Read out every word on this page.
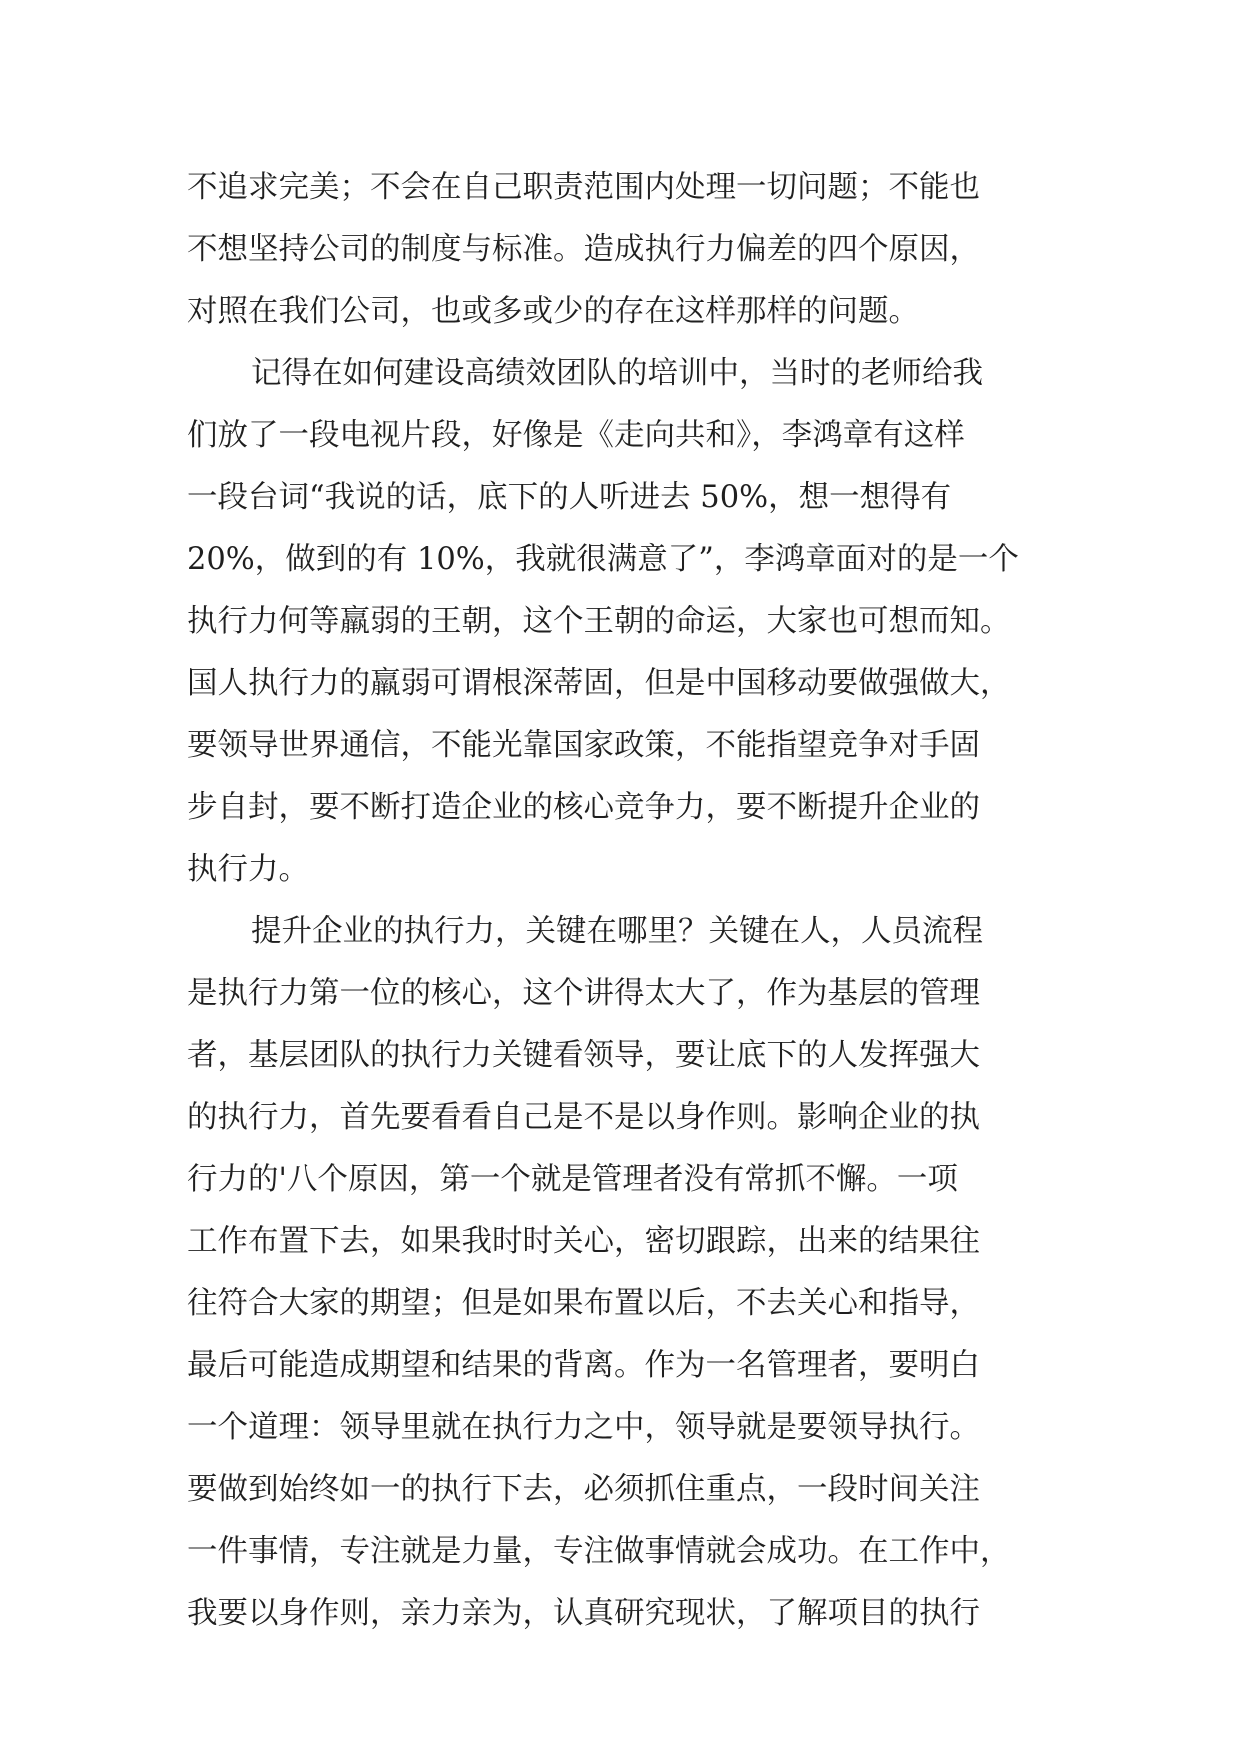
不追求完美；不会在自己职责范围内处理一切问题；不能也
不想坚持公司的制度与标准。造成执行力偏差的四个原因，
对照在我们公司，也或多或少的存在这样那样的问题。
记得在如何建设高绩效团队的培训中，当时的老师给我
们放了一段电视片段，好像是《走向共和》，李鸿章有这样
一段台词“我说的话，底下的人听进去 50%，想一想得有
20%，做到的有 10%，我就很满意了”，李鸿章面对的是一个
执行力何等羸弱的王朝，这个王朝的命运，大家也可想而知。
国人执行力的羸弱可谓根深蒂固，但是中国移动要做强做大，
要领导世界通信，不能光靠国家政策，不能指望竞争对手固
步自封，要不断打造企业的核心竞争力，要不断提升企业的
执行力。
提升企业的执行力，关键在哪里？关键在人，人员流程
是执行力第一位的核心，这个讲得太大了，作为基层的管理
者，基层团队的执行力关键看领导，要让底下的人发挥强大
的执行力，首先要看看自己是不是以身作则。影响企业的执
行力的'八个原因，第一个就是管理者没有常抓不懈。一项
工作布置下去，如果我时时关心，密切跟踪，出来的结果往
往符合大家的期望；但是如果布置以后，不去关心和指导，
最后可能造成期望和结果的背离。作为一名管理者，要明白
一个道理：领导里就在执行力之中，领导就是要领导执行。
要做到始终如一的执行下去，必须抓住重点，一段时间关注
一件事情，专注就是力量，专注做事情就会成功。在工作中，
我要以身作则，亲力亲为，认真研究现状，了解项目的执行
